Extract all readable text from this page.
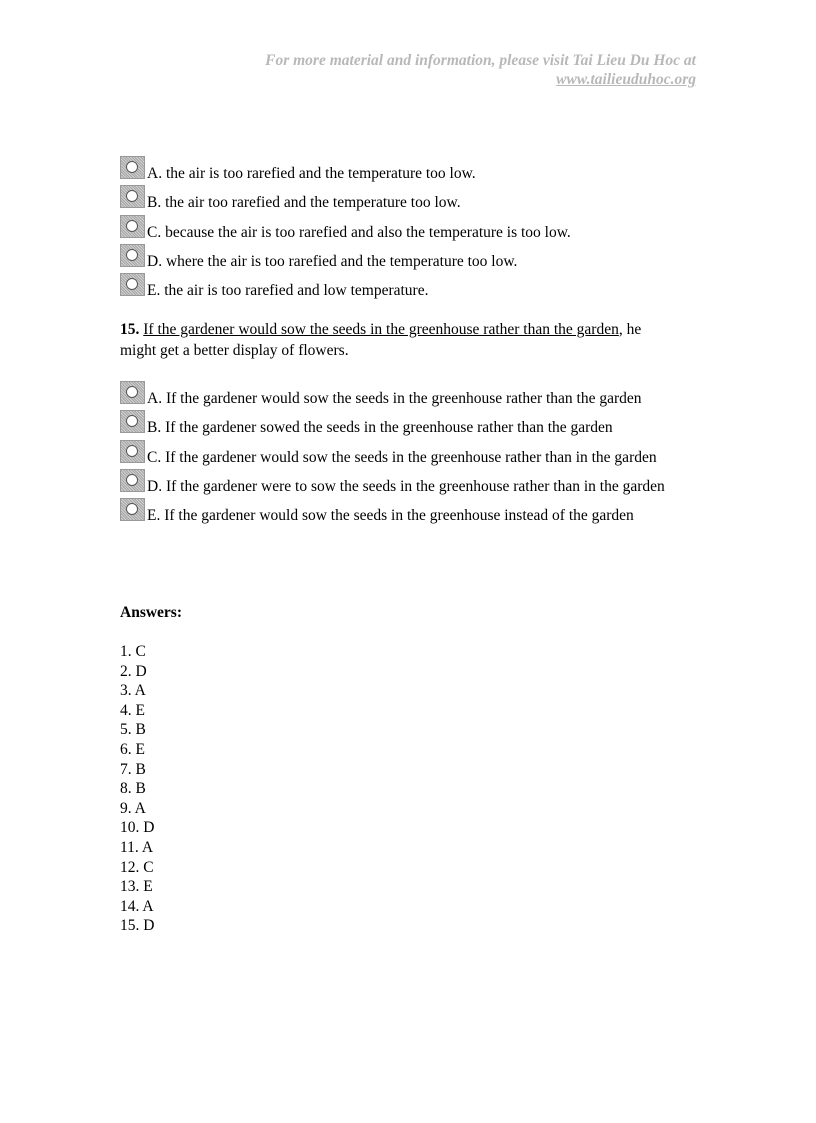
For more material and information, please visit Tai Lieu Du Hoc at
www.tailieuduhoc.org
A. the air is too rarefied and the temperature too low.
B. the air too rarefied and the temperature too low.
C. because the air is too rarefied and also the temperature is too low.
D. where the air is too rarefied and the temperature too low.
E. the air is too rarefied and low temperature.
15. If the gardener would sow the seeds in the greenhouse rather than the garden, he
might get a better display of flowers.
A. If the gardener would sow the seeds in the greenhouse rather than the garden
B. If the gardener sowed the seeds in the greenhouse rather than the garden
C. If the gardener would sow the seeds in the greenhouse rather than in the garden
D. If the gardener were to sow the seeds in the greenhouse rather than in the garden
E. If the gardener would sow the seeds in the greenhouse instead of the garden
Answers:
1. C
2. D
3. A
4. E
5. B
6. E
7. B
8. B
9. A
10. D
11. A
12. C
13. E
14. A
15. D
